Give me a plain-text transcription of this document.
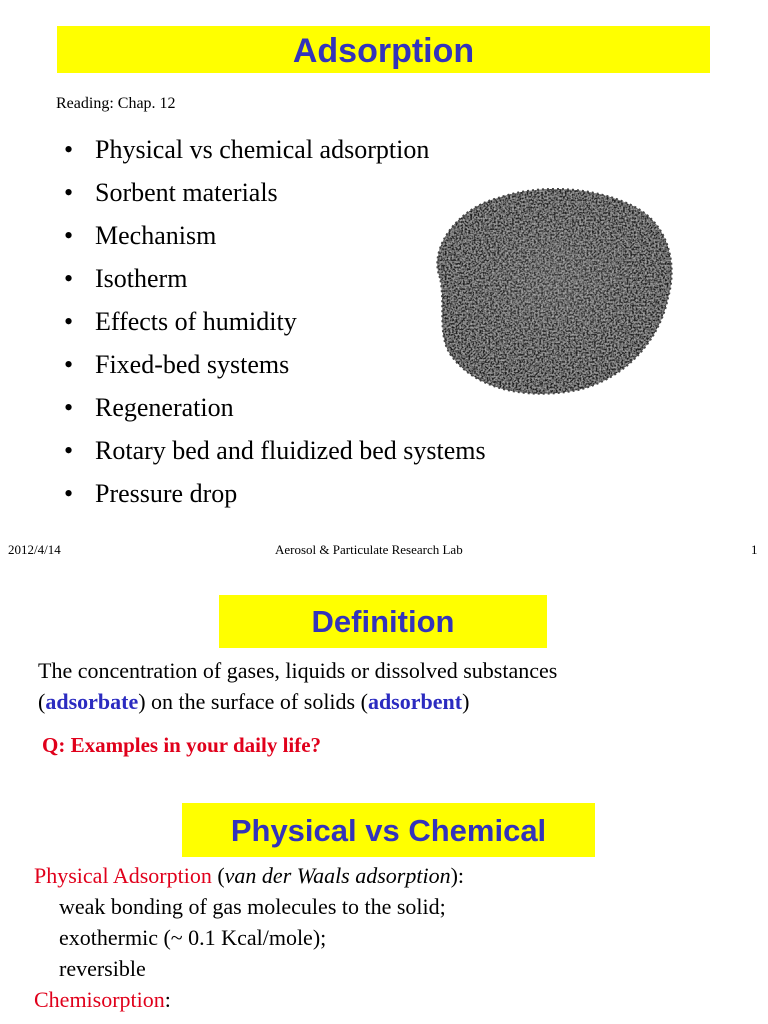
Adsorption
Reading: Chap. 12
• Physical vs chemical adsorption
• Sorbent materials
• Mechanism
• Isotherm
• Effects of humidity
• Fixed-bed systems
• Regeneration
• Rotary bed and fluidized bed systems
• Pressure drop
2012/4/14	Aerosol & Particulate Research Lab	1
Definition
The concentration of gases, liquids or dissolved substances
(adsorbate) on the surface of solids (adsorbent)
Q: Examples in your daily life?
Physical vs Chemical
Physical Adsorption (van der Waals adsorption):
weak bonding of gas molecules to the solid;
exothermic (~ 0.1 Kcal/mole);
reversible
Chemisorption:
